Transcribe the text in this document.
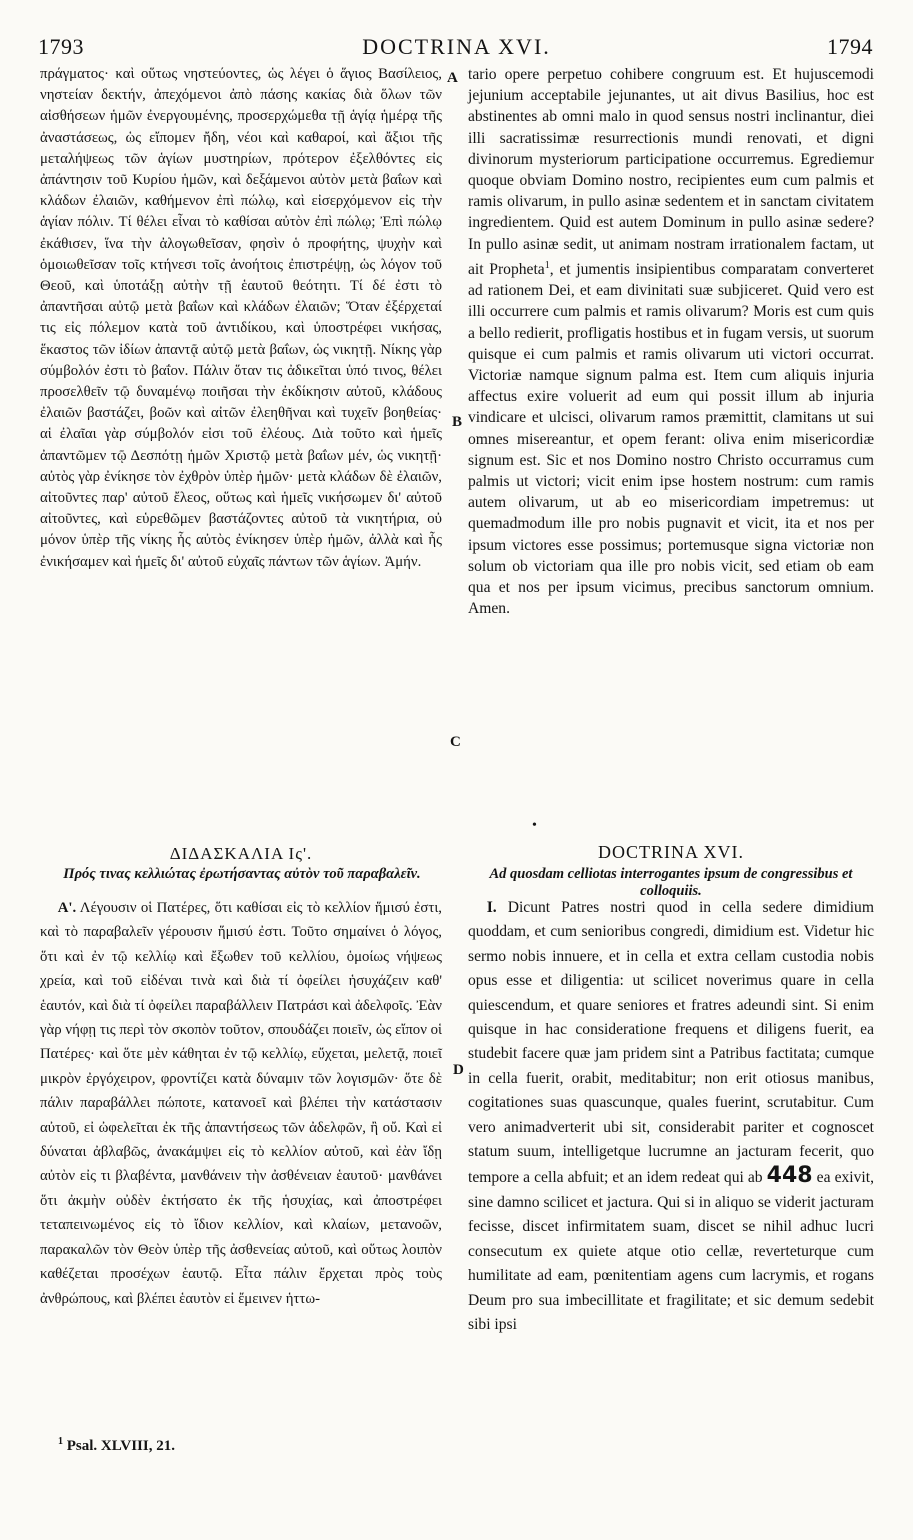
1793	DOCTRINA XVI.	1794

πράγματος· καὶ οὕτως νηστεύοντες, ὡς λέγει ὁ ἅγιος Βασίλειος, νηστείαν δεκτήν, ἀπεχόμενοι ἀπὸ πάσης κακίας διὰ ὅλων τῶν αἰσθήσεων ἡμῶν ἐνεργουμένης, προσερχώμεθα τῇ ἁγίᾳ ἡμέρᾳ τῆς ἀναστάσεως, ὡς εἴπομεν ἤδη, νέοι καὶ καθαροί, καὶ ἄξιοι τῆς μεταλήψεως τῶν ἁγίων μυστηρίων, πρότερον ἐξελθόντες εἰς ἀπάντησιν τοῦ Κυρίου ἡμῶν, καὶ δεξάμενοι αὐτὸν μετὰ βαΐων καὶ κλάδων ἐλαιῶν, καθήμενον ἐπὶ πώλῳ, καὶ εἰσερχόμενον εἰς τὴν ἁγίαν πόλιν. Τί θέλει εἶναι τὸ καθίσαι αὐτὸν ἐπὶ πώλῳ; Ἐπὶ πώλῳ ἐκάθισεν, ἵνα τὴν ἀλογωθεῖσαν, φησὶν ὁ προφήτης, ψυχὴν καὶ ὁμοιωθεῖσαν τοῖς κτήνεσι τοῖς ἀνοήτοις ἐπιστρέψῃ, ὡς λόγον τοῦ Θεοῦ, καὶ ὑποτάξῃ αὐτὴν τῇ ἑαυτοῦ θεότητι. Τί δέ ἐστι τὸ ἀπαντῆσαι αὐτῷ μετὰ βαΐων καὶ κλάδων ἐλαιῶν; Ὅταν ἐξέρχεταί τις εἰς πόλεμον κατὰ τοῦ ἀντιδίκου, καὶ ὑποστρέφει νικήσας, ἕκαστος τῶν ἰδίων ἀπαντᾷ αὐτῷ μετὰ βαΐων, ὡς νικητῇ. Νίκης γὰρ σύμβολόν ἐστι τὸ βαΐον. Πάλιν ὅταν τις ἀδικεῖται ὑπό τινος, θέλει προσελθεῖν τῷ δυναμένῳ ποιῆσαι τὴν ἐκδίκησιν αὐτοῦ, κλάδους ἐλαιῶν βαστάζει, βοῶν καὶ αἰτῶν ἐλεηθῆναι καὶ τυχεῖν βοηθείας· αἱ ἐλαῖαι γὰρ σύμβολόν εἰσι τοῦ ἐλέους. Διὰ τοῦτο καὶ ἡμεῖς ἀπαντῶμεν τῷ Δεσπότῃ ἡμῶν Χριστῷ μετὰ βαΐων μέν, ὡς νικητῇ· αὐτὸς γὰρ ἐνίκησε τὸν ἐχθρὸν ὑπὲρ ἡμῶν· μετὰ κλάδων δὲ ἐλαιῶν, αἰτοῦντες παρ' αὐτοῦ ἔλεος, οὕτως καὶ ἡμεῖς νικήσωμεν δι' αὐτοῦ αἰτοῦντες, καὶ εὑρεθῶμεν βαστάζοντες αὐτοῦ τὰ νικητήρια, οὐ μόνον ὑπὲρ τῆς νίκης ἧς αὐτὸς ἐνίκησεν ὑπὲρ ἡμῶν, ἀλλὰ καὶ ἧς ἐνικήσαμεν καὶ ἡμεῖς δι' αὐτοῦ εὐχαῖς πάντων τῶν ἁγίων. Ἀμήν.

tario opere perpetuo cohibere congruum est. Et hujuscemodi jejunium acceptabile jejunantes, ut ait divus Basilius, hoc est abstinentes ab omni malo in quod sensus nostri inclinantur, diei illi sacratissimæ resurrectionis mundi renovati, et digni divinorum mysteriorum participatione occurremus. Egrediemur quoque obviam Domino nostro, recipientes eum cum palmis et ramis olivarum, in pullo asinæ sedentem et in sanctam civitatem ingredientem. Quid est autem Dominum in pullo asinæ sedere? In pullo asinæ sedit, ut animam nostram irrationalem factam, ut ait Propheta$^1$, et jumentis insipientibus comparatam converteret ad rationem Dei, et eam divinitati suæ subjiceret. Quid vero est illi occurrere cum palmis et ramis olivarum? Moris est cum quis a bello redierit, profligatis hostibus et in fugam versis, ut suorum quisque ei cum palmis et ramis olivarum uti victori occurrat. Victoriæ namque signum palma est. Item cum aliquis injuria affectus exire voluerit ad eum qui possit illum ab injuria vindicare et ulcisci, olivarum ramos præmittit, clamitans ut sui omnes misereantur, et opem ferant: oliva enim misericordiæ signum est. Sic et nos Domino nostro Christo occurramus cum palmis ut victori; vicit enim ipse hostem nostrum: cum ramis autem olivarum, ut ab eo misericordiam impetremus: ut quemadmodum ille pro nobis pugnavit et vicit, ita et nos per ipsum victores esse possimus; portemusque signa victoriæ non solum ob victoriam qua ille pro nobis vicit, sed etiam ob eam qua et nos per ipsum vicimus, precibus sanctorum omnium. Amen.

A
B
C
D
•
ΔΙΔΑΣΚΑΛΙΑ Ις'.
Πρός τινας κελλιώτας ἐρωτήσαντας αὐτὸν τοῦ παραβαλεῖν.
DOCTRINA XVI.
Ad quosdam celliotas interrogantes ipsum de congressibus et colloquiis.

Α'. Λέγουσιν οἱ Πατέρες, ὅτι καθίσαι εἰς τὸ κελλίον ἥμισύ ἐστι, καὶ τὸ παραβαλεῖν γέρουσιν ἥμισύ ἐστι. Τοῦτο σημαίνει ὁ λόγος, ὅτι καὶ ἐν τῷ κελλίῳ καὶ ἔξωθεν τοῦ κελλίου, ὁμοίως νήψεως χρεία, καὶ τοῦ εἰδέναι τινὰ καὶ διὰ τί ὀφείλει ἡσυχάζειν καθ' ἑαυτόν, καὶ διὰ τί ὀφείλει παραβάλλειν Πατράσι καὶ ἀδελφοῖς. Ἐὰν γὰρ νήφῃ τις περὶ τὸν σκοπὸν τοῦτον, σπουδάζει ποιεῖν, ὡς εἴπον οἱ Πατέρες· καὶ ὅτε μὲν κάθηται ἐν τῷ κελλίῳ, εὔχεται, μελετᾷ, ποιεῖ μικρὸν ἐργόχειρον, φροντίζει κατὰ δύναμιν τῶν λογισμῶν· ὅτε δὲ πάλιν παραβάλλει πώποτε, κατανοεῖ καὶ βλέπει τὴν κατάστασιν αὐτοῦ, εἰ ὠφελεῖται ἐκ τῆς ἀπαντήσεως τῶν ἀδελφῶν, ἢ οὔ. Καὶ εἰ δύναται ἀβλαβῶς, ἀνακάμψει εἰς τὸ κελλίον αὐτοῦ, καὶ ἐὰν ἴδῃ αὐτὸν εἰς τι βλαβέντα, μανθάνειν τὴν ἀσθένειαν ἑαυτοῦ· μανθάνει ὅτι ἀκμὴν οὐδὲν ἐκτήσατο ἐκ τῆς ἡσυχίας, καὶ ἀποστρέφει τεταπεινωμένος εἰς τὸ ἴδιον κελλίον, καὶ κλαίων, μετανοῶν, παρακαλῶν τὸν Θεὸν ὑπὲρ τῆς ἀσθενείας αὐτοῦ, καὶ οὕτως λοιπὸν καθέζεται προσέχων ἑαυτῷ. Εἶτα πάλιν ἔρχεται πρὸς τοὺς ἀνθρώπους, καὶ βλέπει ἑαυτὸν εἰ ἔμεινεν ἡττω-

I. Dicunt Patres nostri quod in cella sedere dimidium quoddam, et cum senioribus congredi, dimidium est. Videtur hic sermo nobis innuere, et in cella et extra cellam custodia nobis opus esse et diligentia: ut scilicet noverimus quare in cella quiescendum, et quare seniores et fratres adeundi sint. Si enim quisque in hac consideratione frequens et diligens fuerit, ea studebit facere quæ jam pridem sint a Patribus factitata; cumque in cella fuerit, orabit, meditabitur; non erit otiosus manibus, cogitationes suas quascunque, quales fuerint, scrutabitur. Cum vero animadverterit ubi sit, considerabit pariter et cognoscet statum suum, intelligetque lucrumne an jacturam fecerit, quo tempore a cella abfuit; et an idem redeat qui ab 448 ea exivit, sine damno scilicet et jactura. Qui si in aliquo se viderit jacturam fecisse, discet infirmitatem suam, discet se nihil adhuc lucri consecutum ex quiete atque otio cellæ, reverteturque cum humilitate ad eam, pœnitentiam agens cum lacrymis, et rogans Deum pro sua imbecillitate et fragilitate; et sic demum sedebit sibi ipsi

$^1$ Psal. XLVIII, 21.
